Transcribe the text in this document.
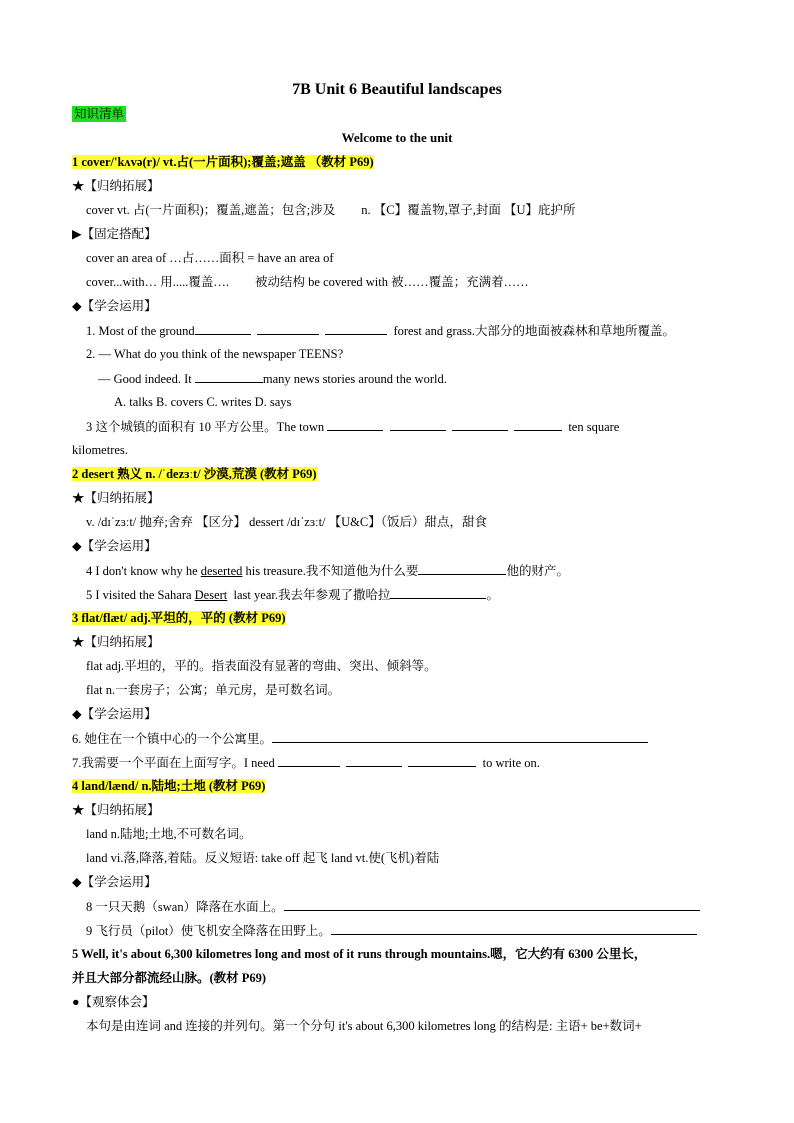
7B Unit 6 Beautiful landscapes
知识清单
Welcome to the unit
1 cover/'kʌvə(r)/ vt.占(一片面积);覆盖;遮盖 （教材 P69)
★【归纳拓展】
cover vt. 占(一片面积)；覆盖,遮盖；包含;涉及 n. 【C】覆盖物,罩子,封面 【U】庇护所
▶【固定搭配】
cover an area of …占……面积 = have an area of
cover...with… 用.....覆盖…. 被动结构 be covered with 被……覆盖；充满着……
◆【学会运用】
1. Most of the ground	forest and grass.大部分的地面被森林和草地所覆盖。
2. — What do you think of the newspaper TEENS?
— Good indeed. It	many news stories around the world.
A. talks B. covers C. writes D. says
3 这个城镇的面积有 10 平方公里。The town	ten square
kilometres.
2 desert 熟义 n. /ˈdezɜːt/ 沙漠,荒漠 (教材 P69)
★【归纳拓展】
v. /dɪˈzɜːt/ 抛弃;舍弃 【区分】 dessert /dɪˈzɜːt/ 【U&C】（饭后）甜点，甜食
◆【学会运用】
4 I don't know why he deserted his treasure.我不知道他为什么要	他的财产。
5 I visited the Sahara Desert last year.我去年参观了撒哈拉	。
3 flat/flæt/ adj.平坦的，平的 (教材 P69)
★【归纳拓展】
flat adj.平坦的，平的。指表面没有显著的弯曲、突出、倾斜等。
flat n.一套房子；公寓；单元房，是可数名词。
◆【学会运用】
6. 她住在一个镇中心的一个公寓里。
7.我需要一个平面在上面写字。I need	to write on.
4 land/lænd/ n.陆地;土地 (教材 P69)
★【归纳拓展】
land n.陆地;土地,不可数名词。
land vi.落,降落,着陆。反义短语: take off 起飞 land vt.使(飞机)着陆
◆【学会运用】
8 一只天鹅（swan）降落在水面上。
9 飞行员（pilot）使飞机安全降落在田野上。
5 Well, it's about 6,300 kilometres long and most of it runs through mountains.嗯，它大约有 6300 公里长，
并且大部分都流经山脉。(教材 P69)
●【观察体会】
本句是由连词 and 连接的并列句。第一个分句 it's about 6,300 kilometres long 的结构是: 主语+ be+数词+
